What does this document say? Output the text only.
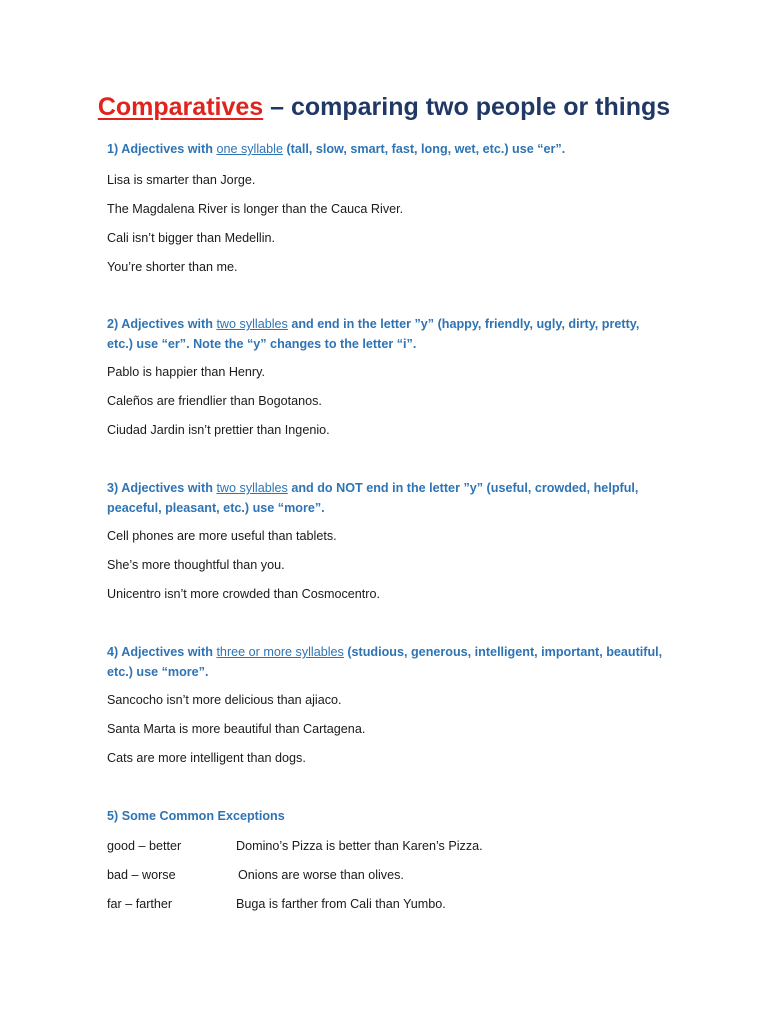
Comparatives – comparing two people or things
1) Adjectives with one syllable (tall, slow, smart, fast, long, wet, etc.) use “er”.
Lisa is smarter than Jorge.
The Magdalena River is longer than the Cauca River.
Cali isn’t bigger than Medellin.
You’re shorter than me.
2) Adjectives with two syllables and end in the letter ”y” (happy, friendly, ugly, dirty, pretty, etc.) use “er”. Note the “y” changes to the letter “i”.
Pablo is happier than Henry.
Caleños are friendlier than Bogotanos.
Ciudad Jardin isn’t prettier than Ingenio.
3) Adjectives with two syllables and do NOT end in the letter ”y” (useful, crowded, helpful, peaceful, pleasant, etc.) use “more”.
Cell phones are more useful than tablets.
She’s more thoughtful than you.
Unicentro isn’t more crowded than Cosmocentro.
4) Adjectives with three or more syllables (studious, generous, intelligent, important, beautiful, etc.) use “more”.
Sancocho isn’t more delicious than ajiaco.
Santa Marta is more beautiful than Cartagena.
Cats are more intelligent than dogs.
5) Some Common Exceptions
good – better	Domino’s Pizza is better than Karen’s Pizza.
bad – worse	Onions are worse than olives.
far – farther	Buga is farther from Cali than Yumbo.
